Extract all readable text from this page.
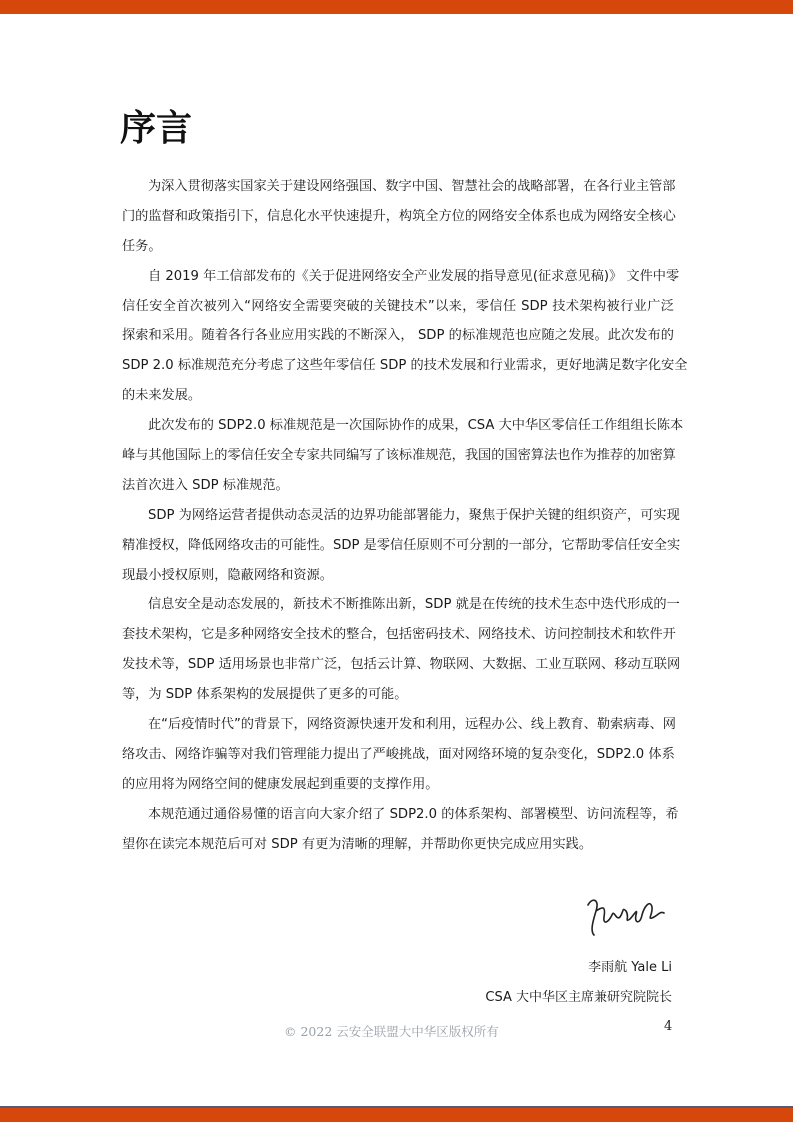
序言
为深入贯彻落实国家关于建设网络强国、数字中国、智慧社会的战略部署，在各行业主管部
门的监督和政策指引下，信息化水平快速提升，构筑全方位的网络安全体系也成为网络安全核心
任务。
自 2019 年工信部发布的《关于促进网络安全产业发展的指导意见(征求意见稿)》 文件中零
信任安全首次被列入“网络安全需要突破的关键技术”以来，零信任 SDP 技术架构被行业广泛
探索和采用。随着各行各业应用实践的不断深入， SDP 的标准规范也应随之发展。此次发布的
SDP 2.0 标准规范充分考虑了这些年零信任 SDP 的技术发展和行业需求，更好地满足数字化安全
的未来发展。
此次发布的 SDP2.0 标准规范是一次国际协作的成果，CSA 大中华区零信任工作组组长陈本
峰与其他国际上的零信任安全专家共同编写了该标准规范，我国的国密算法也作为推荐的加密算
法首次进入 SDP 标准规范。
SDP 为网络运营者提供动态灵活的边界功能部署能力，聚焦于保护关键的组织资产，可实现
精准授权，降低网络攻击的可能性。SDP 是零信任原则不可分割的一部分，它帮助零信任安全实
现最小授权原则，隐蔽网络和资源。
信息安全是动态发展的，新技术不断推陈出新，SDP 就是在传统的技术生态中迭代形成的一
套技术架构，它是多种网络安全技术的整合，包括密码技术、网络技术、访问控制技术和软件开
发技术等，SDP 适用场景也非常广泛，包括云计算、物联网、大数据、工业互联网、移动互联网
等，为 SDP 体系架构的发展提供了更多的可能。
在“后疫情时代”的背景下，网络资源快速开发和利用，远程办公、线上教育、勒索病毒、网
络攻击、网络诈骗等对我们管理能力提出了严峻挑战，面对网络环境的复杂变化，SDP2.0 体系
的应用将为网络空间的健康发展起到重要的支撑作用。
本规范通过通俗易懂的语言向大家介绍了 SDP2.0 的体系架构、部署模型、访问流程等，希
望你在读完本规范后可对 SDP 有更为清晰的理解，并帮助你更快完成应用实践。
李雨航 Yale Li
CSA 大中华区主席兼研究院院长
© 2022 云安全联盟大中华区版权所有	4
